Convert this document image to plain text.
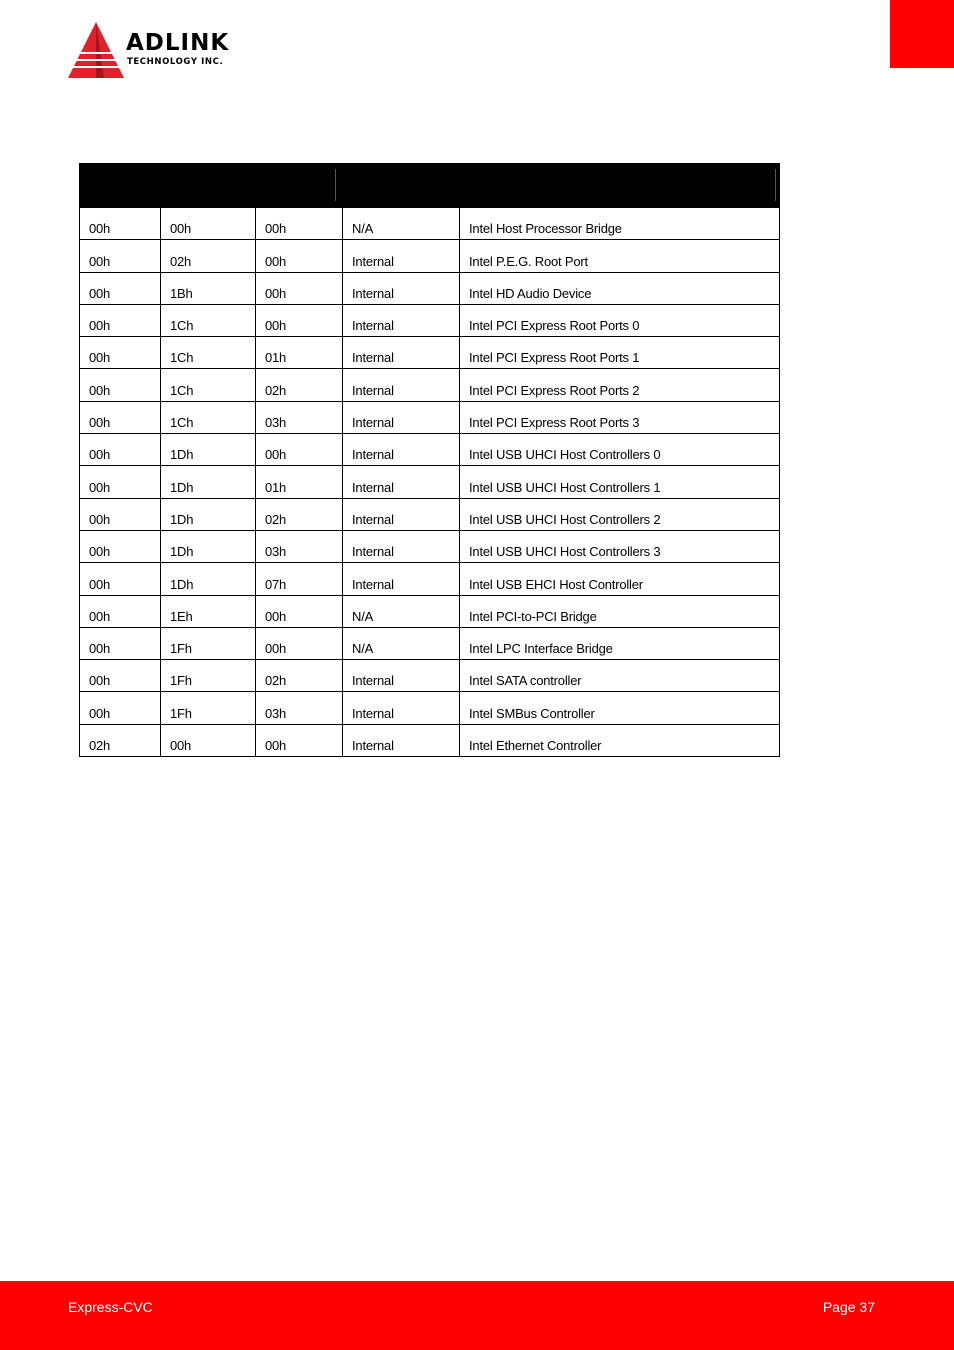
ADLINK
TECHNOLOGY INC.
00h	00h	00h	N/A	Intel Host Processor Bridge
00h	02h	00h	Internal	Intel P.E.G. Root Port
00h	1Bh	00h	Internal	Intel HD Audio Device
00h	1Ch	00h	Internal	Intel PCI Express Root Ports 0
00h	1Ch	01h	Internal	Intel PCI Express Root Ports 1
00h	1Ch	02h	Internal	Intel PCI Express Root Ports 2
00h	1Ch	03h	Internal	Intel PCI Express Root Ports 3
00h	1Dh	00h	Internal	Intel USB UHCI Host Controllers 0
00h	1Dh	01h	Internal	Intel USB UHCI Host Controllers 1
00h	1Dh	02h	Internal	Intel USB UHCI Host Controllers 2
00h	1Dh	03h	Internal	Intel USB UHCI Host Controllers 3
00h	1Dh	07h	Internal	Intel USB EHCI Host Controller
00h	1Eh	00h	N/A	Intel PCI-to-PCI Bridge
00h	1Fh	00h	N/A	Intel LPC Interface Bridge
00h	1Fh	02h	Internal	Intel SATA controller
00h	1Fh	03h	Internal	Intel SMBus Controller
02h	00h	00h	Internal	Intel Ethernet Controller
Express-CVC	Page 37
